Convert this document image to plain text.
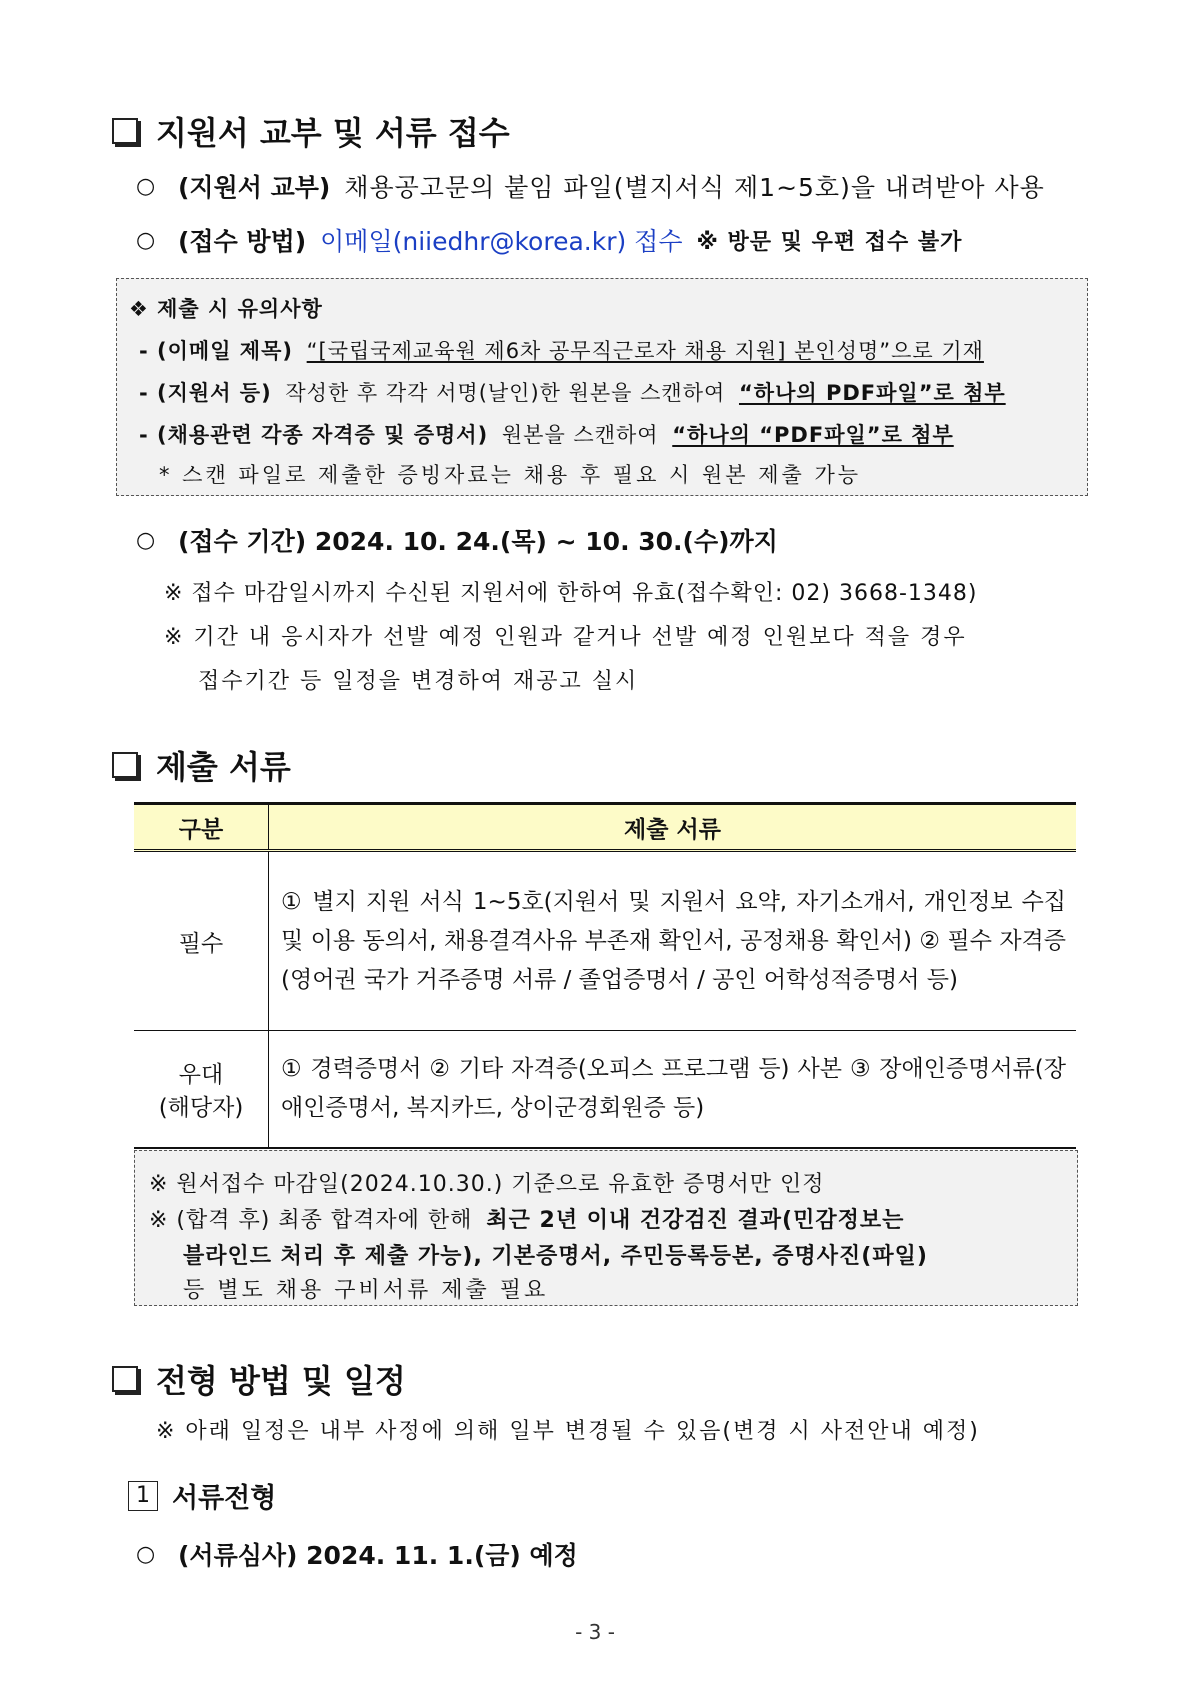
지원서 교부 및 서류 접수
○ (지원서 교부) 채용공고문의 붙임 파일(별지서식 제1~5호)을 내려받아 사용
○ (접수 방법) 이메일(niiedhr@korea.kr) 접수 ※ 방문 및 우편 접수 불가
❖ 제출 시 유의사항
- (이메일 제목) “[국립국제교육원 제6차 공무직근로자 채용 지원] 본인성명”으로 기재
- (지원서 등) 작성한 후 각각 서명(날인)한 원본을 스캔하여 “하나의 PDF파일”로 첨부
- (채용관련 각종 자격증 및 증명서) 원본을 스캔하여 “하나의 “PDF파일”로 첨부
* 스캔 파일로 제출한 증빙자료는 채용 후 필요 시 원본 제출 가능
○ (접수 기간) 2024. 10. 24.(목) ~ 10. 30.(수)까지
※ 접수 마감일시까지 수신된 지원서에 한하여 유효(접수확인: 02) 3668-1348)
※ 기간 내 응시자가 선발 예정 인원과 같거나 선발 예정 인원보다 적을 경우
접수기간 등 일정을 변경하여 재공고 실시
제출 서류
구분	제출 서류
필수	① 별지 지원 서식 1~5호(지원서 및 지원서 요약, 자기소개서, 개인정보 수집 및 이용 동의서, 채용결격사유 부존재 확인서, 공정채용 확인서) ② 필수 자격증(영어권 국가 거주증명 서류 / 졸업증명서 / 공인 어학성적증명서 등)

우대
(해당자)	① 경력증명서 ② 기타 자격증(오피스 프로그램 등) 사본 ③ 장애인증명서류(장애인증명서, 복지카드, 상이군경회원증 등)
※ 원서접수 마감일(2024.10.30.) 기준으로 유효한 증명서만 인정
※ (합격 후) 최종 합격자에 한해 최근 2년 이내 건강검진 결과(민감정보는
블라인드 처리 후 제출 가능), 기본증명서, 주민등록등본, 증명사진(파일)
등 별도 채용 구비서류 제출 필요
전형 방법 및 일정
※ 아래 일정은 내부 사정에 의해 일부 변경될 수 있음(변경 시 사전안내 예정)
1 서류전형
○ (서류심사) 2024. 11. 1.(금) 예정
- 3 -
